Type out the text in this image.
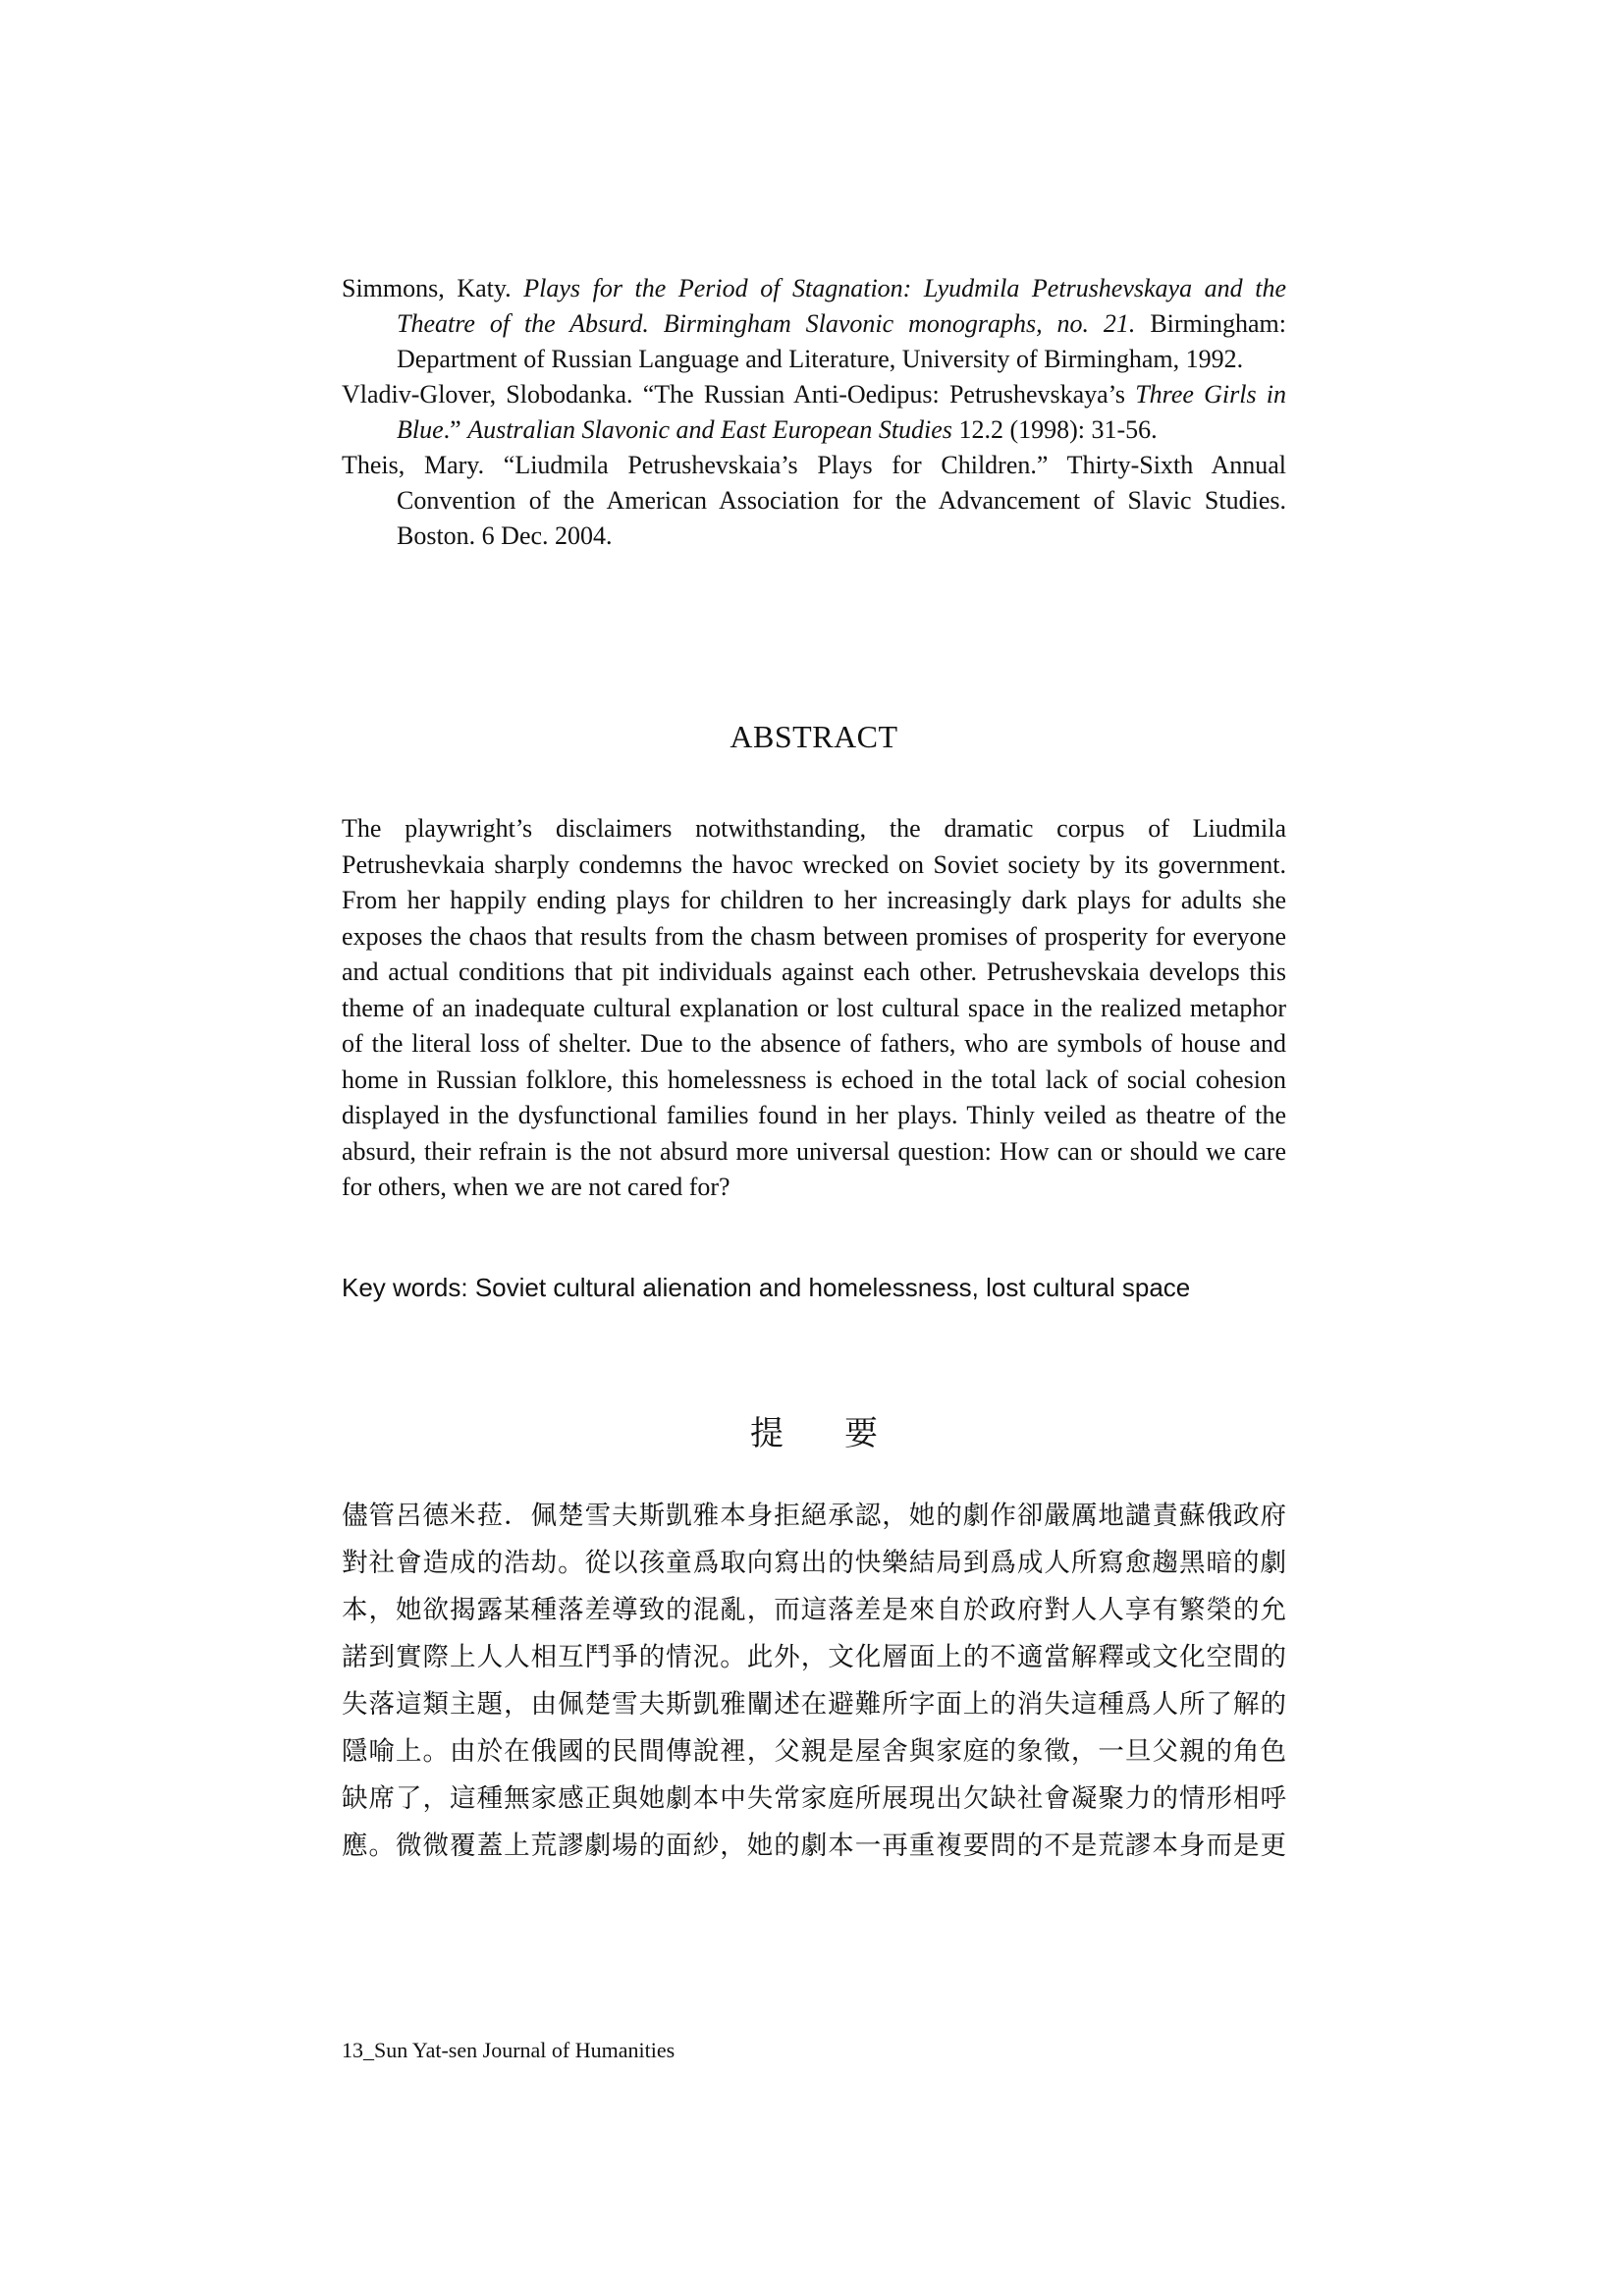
Simmons, Katy. Plays for the Period of Stagnation: Lyudmila Petrushevskaya and the Theatre of the Absurd. Birmingham Slavonic monographs, no. 21. Birmingham: Department of Russian Language and Literature, University of Birmingham, 1992.

Vladiv-Glover, Slobodanka. “The Russian Anti-Oedipus: Petrushevskaya’s Three Girls in Blue.” Australian Slavonic and East European Studies 12.2 (1998): 31-56.

Theis, Mary. “Liudmila Petrushevskaia’s Plays for Children.” Thirty-Sixth Annual Convention of the American Association for the Advancement of Slavic Studies. Boston. 6 Dec. 2004.

ABSTRACT

The playwright’s disclaimers notwithstanding, the dramatic corpus of Liudmila Petrushevkaia sharply condemns the havoc wrecked on Soviet society by its government. From her happily ending plays for children to her increasingly dark plays for adults she exposes the chaos that results from the chasm between promises of prosperity for everyone and actual conditions that pit individuals against each other. Petrushevskaia develops this theme of an inadequate cultural explanation or lost cultural space in the realized metaphor of the literal loss of shelter. Due to the absence of fathers, who are symbols of house and home in Russian folklore, this homelessness is echoed in the total lack of social cohesion displayed in the dysfunctional families found in her plays. Thinly veiled as theatre of the absurd, their refrain is the not absurd more universal question: How can or should we care for others, when we are not cared for?

Key words: Soviet cultural alienation and homelessness, lost cultural space
提 要
儘管呂德米菈．佩楚雪夫斯凱雅本身拒絕承認，她的劇作卻嚴厲地譴責蘇俄政府
對社會造成的浩劫。從以孩童爲取向寫出的快樂結局到爲成人所寫愈趨黑暗的劇
本，她欲揭露某種落差導致的混亂，而這落差是來自於政府對人人享有繁榮的允
諾到實際上人人相互鬥爭的情況。此外，文化層面上的不適當解釋或文化空間的
失落這類主題，由佩楚雪夫斯凱雅闡述在避難所字面上的消失這種爲人所了解的
隱喻上。由於在俄國的民間傳說裡，父親是屋舍與家庭的象徵，一旦父親的角色
缺席了，這種無家感正與她劇本中失常家庭所展現出欠缺社會凝聚力的情形相呼
應。微微覆蓋上荒謬劇場的面紗，她的劇本一再重複要問的不是荒謬本身而是更
13_Sun Yat-sen Journal of Humanities
